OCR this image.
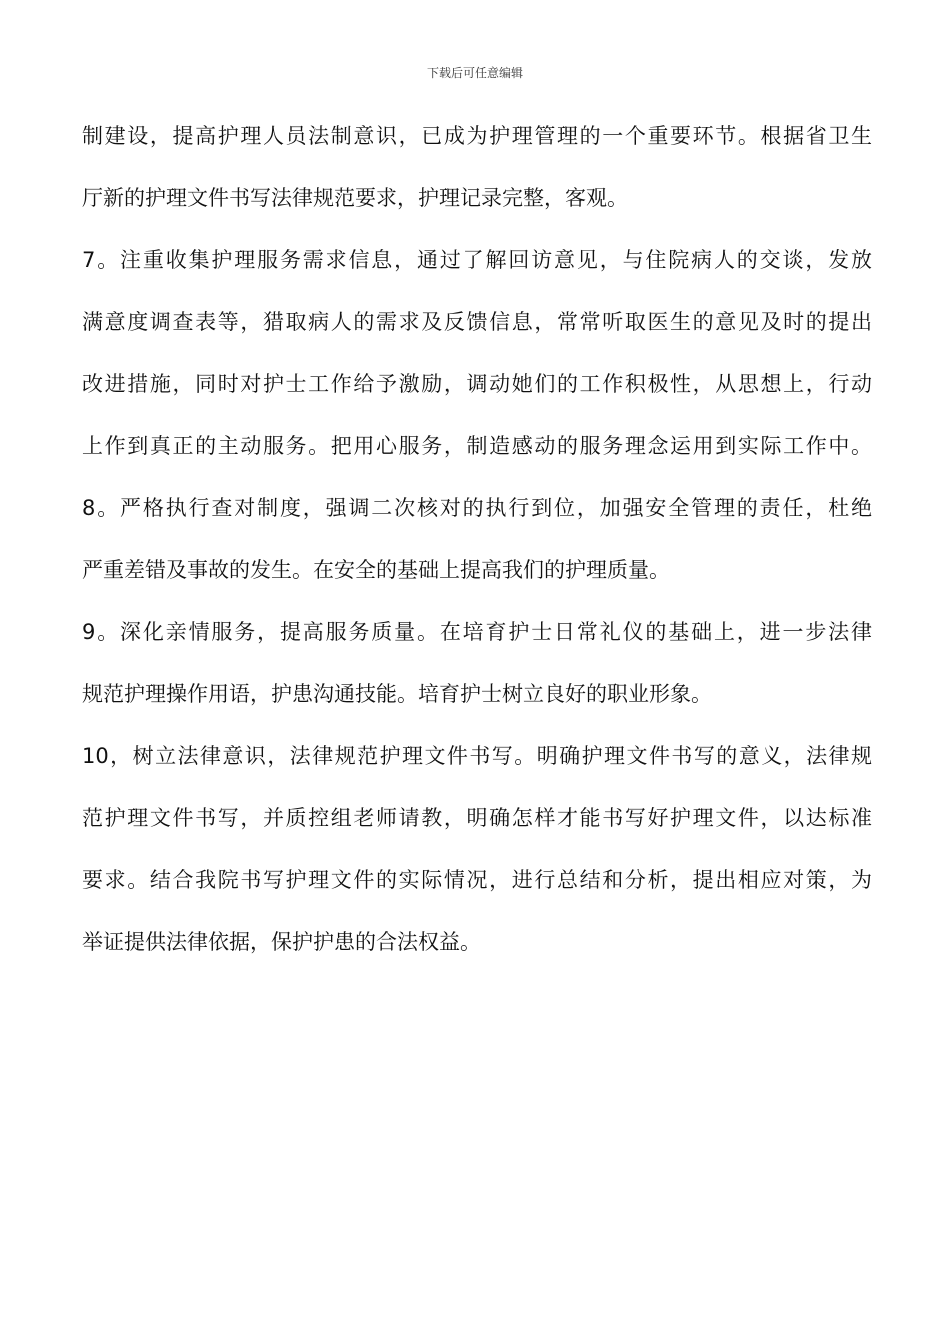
下载后可任意编辑
制建设，提高护理人员法制意识，已成为护理管理的一个重要环节。根据省卫生
厅新的护理文件书写法律规范要求，护理记录完整，客观。
7。注重收集护理服务需求信息，通过了解回访意见，与住院病人的交谈，发放
满意度调查表等，猎取病人的需求及反馈信息，常常听取医生的意见及时的提出
改进措施，同时对护士工作给予激励，调动她们的工作积极性，从思想上，行动
上作到真正的主动服务。把用心服务，制造感动的服务理念运用到实际工作中。
8。严格执行查对制度，强调二次核对的执行到位，加强安全管理的责任，杜绝
严重差错及事故的发生。在安全的基础上提高我们的护理质量。
9。深化亲情服务，提高服务质量。在培育护士日常礼仪的基础上，进一步法律
规范护理操作用语，护患沟通技能。培育护士树立良好的职业形象。
10，树立法律意识，法律规范护理文件书写。明确护理文件书写的意义，法律规
范护理文件书写，并质控组老师请教，明确怎样才能书写好护理文件，以达标准
要求。结合我院书写护理文件的实际情况，进行总结和分析，提出相应对策，为
举证提供法律依据，保护护患的合法权益。
